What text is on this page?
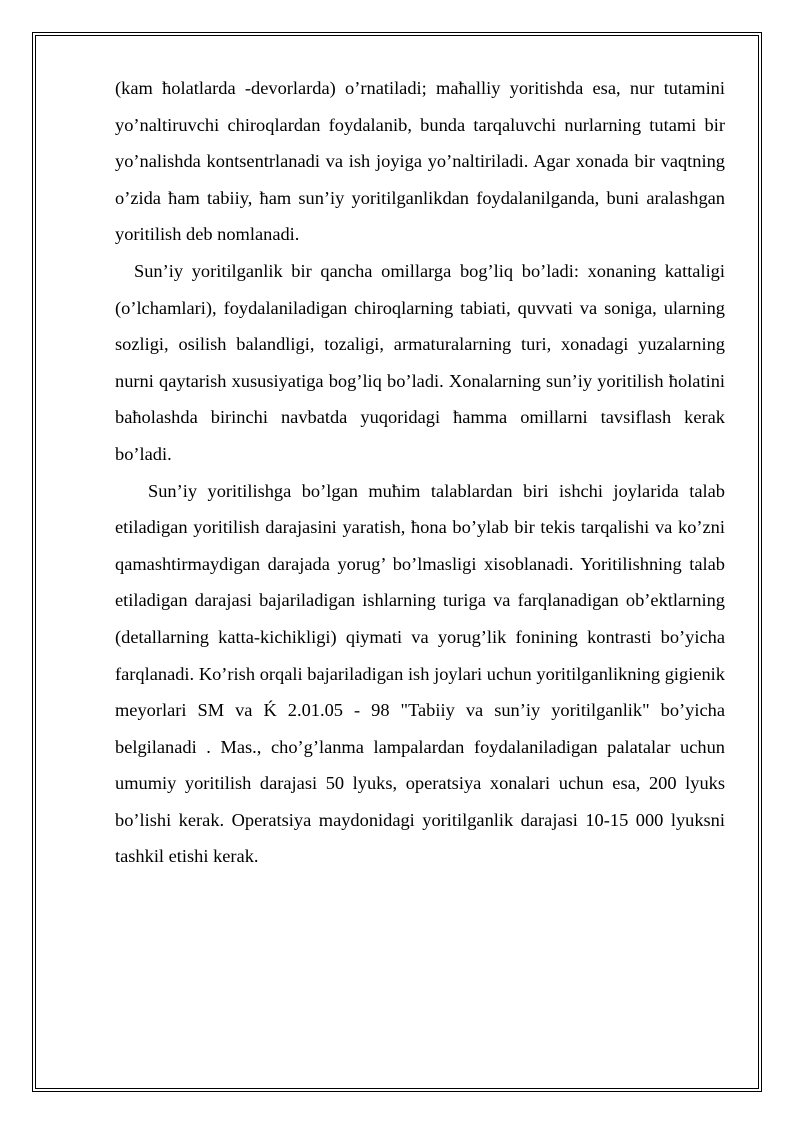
(kam ħolatlarda -devorlarda) o’rnatiladi; maħalliy yoritishda esa, nur tutamini yo’naltiruvchi chiroqlardan foydalanib, bunda tarqaluvchi nurlarning tutami bir yo’nalishda kontsentrlanadi va ish joyiga yo’naltiriladi. Agar xonada bir vaqtning o’zida ħam tabiiy, ħam sun’iy yoritilganlikdan foydalanilganda, buni aralashgan yoritilish deb nomlanadi.

Sun’iy yoritilganlik bir qancha omillarga bog’liq bo’ladi: xonaning kattaligi (o’lchamlari), foydalaniladigan chiroqlarning tabiati, quvvati va soniga, ularning sozligi, osilish balandligi, tozaligi, armaturalarning turi, xonadagi yuzalarning nurni qaytarish xususiyatiga bog’liq bo’ladi. Xonalarning sun’iy yoritilish ħolatini baħolashda birinchi navbatda yuqoridagi ħamma omillarni tavsiflash kerak bo’ladi.

Sun’iy yoritilishga bo’lgan muħim talablardan biri ishchi joylarida talab etiladigan yoritilish darajasini yaratish, ħona bo’ylab bir tekis tarqalishi va ko’zni qamashtirmaydigan darajada yorug’ bo’lmasligi xisoblanadi. Yoritilishning talab etiladigan darajasi bajariladigan ishlarning turiga va farqlanadigan ob’ektlarning (detallarning katta-kichikligi) qiymati va yorug’lik fonining kontrasti bo’yicha farqlanadi. Ko’rish orqali bajariladigan ish joylari uchun yoritilganlikning gigienik meyorlari SM va Ḱ 2.01.05 - 98 "Tabiiy va sun’iy yoritilganlik" bo’yicha belgilanadi . Mas., cho’g’lanma lampalardan foydalaniladigan palatalar uchun umumiy yoritilish darajasi 50 lyuks, operatsiya xonalari uchun esa, 200 lyuks bo’lishi kerak. Operatsiya maydonidagi yoritilganlik darajasi 10-15 000 lyuksni tashkil etishi kerak.
